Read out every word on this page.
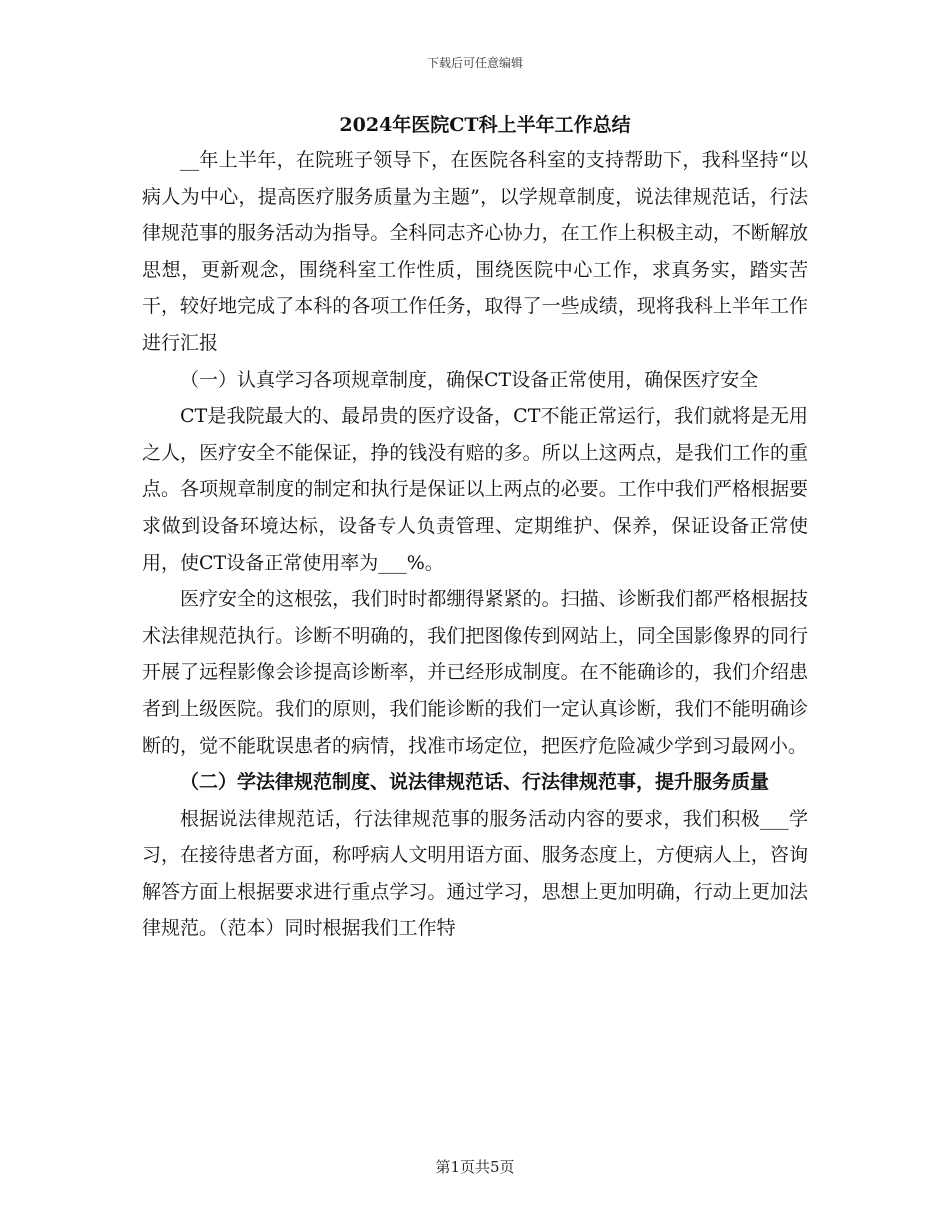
下载后可任意编辑
2024年医院CT科上半年工作总结

__年上半年，在院班子领导下，在医院各科室的支持帮助下，我科坚持“以病人为中心，提高医疗服务质量为主题”，以学规章制度，说法律规范话，行法律规范事的服务活动为指导。全科同志齐心协力，在工作上积极主动，不断解放思想，更新观念，围绕科室工作性质，围绕医院中心工作，求真务实，踏实苦干，较好地完成了本科的各项工作任务，取得了一些成绩，现将我科上半年工作进行汇报

（一）认真学习各项规章制度，确保CT设备正常使用，确保医疗安全

CT是我院最大的、最昂贵的医疗设备，CT不能正常运行，我们就将是无用之人，医疗安全不能保证，挣的钱没有赔的多。所以上这两点，是我们工作的重点。各项规章制度的制定和执行是保证以上两点的必要。工作中我们严格根据要求做到设备环境达标，设备专人负责管理、定期维护、保养，保证设备正常使用，使CT设备正常使用率为___%。

医疗安全的这根弦，我们时时都绷得紧紧的。扫描、诊断我们都严格根据技术法律规范执行。诊断不明确的，我们把图像传到网站上，同全国影像界的同行开展了远程影像会诊提高诊断率，并已经形成制度。在不能确诊的，我们介绍患者到上级医院。我们的原则，我们能诊断的我们一定认真诊断，我们不能明确诊断的，觉不能耽误患者的病情，找准市场定位，把医疗危险减少学到习最网小。

（二）学法律规范制度、说法律规范话、行法律规范事，提升服务质量

根据说法律规范话，行法律规范事的服务活动内容的要求，我们积极___学习，在接待患者方面，称呼病人文明用语方面、服务态度上，方便病人上，咨询解答方面上根据要求进行重点学习。通过学习，思想上更加明确，行动上更加法律规范。（范本）同时根据我们工作特

第1页共5页
